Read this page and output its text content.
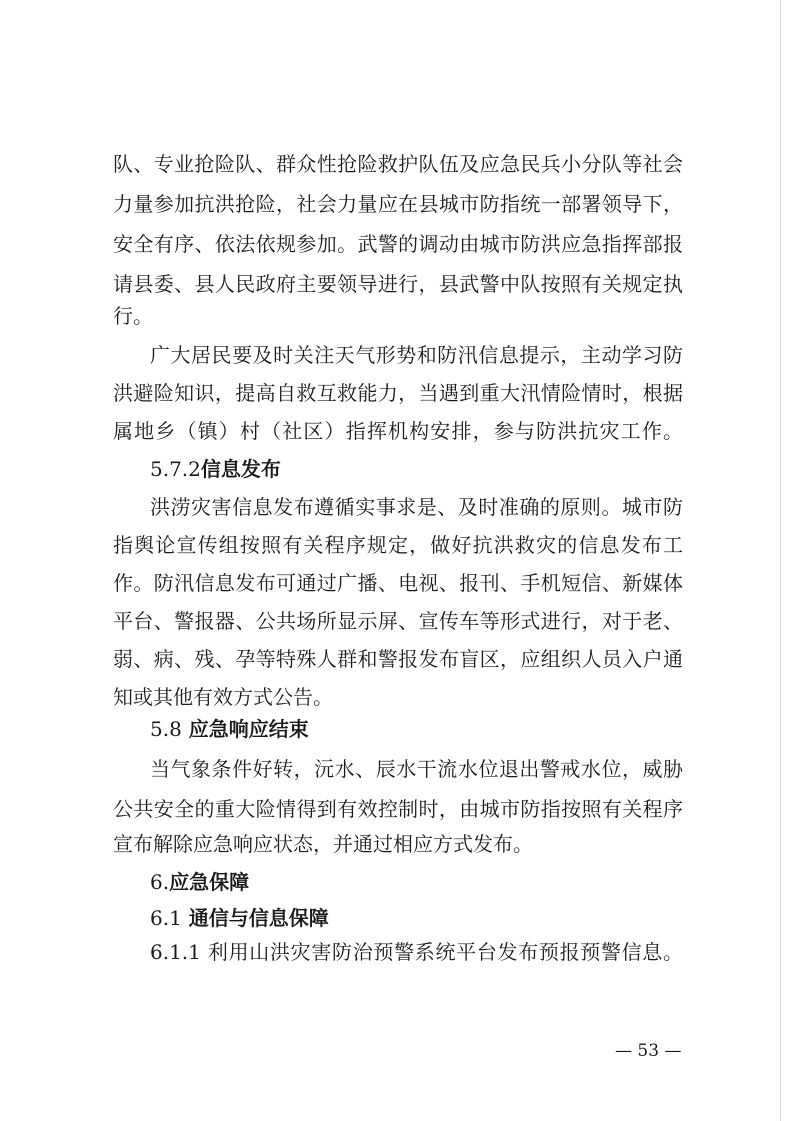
队、专业抢险队、群众性抢险救护队伍及应急民兵小分队等社会
力量参加抗洪抢险，社会力量应在县城市防指统一部署领导下，
安全有序、依法依规参加。武警的调动由城市防洪应急指挥部报
请县委、县人民政府主要领导进行，县武警中队按照有关规定执
行。
广大居民要及时关注天气形势和防汛信息提示，主动学习防
洪避险知识，提高自救互救能力，当遇到重大汛情险情时，根据
属地乡（镇）村（社区）指挥机构安排，参与防洪抗灾工作。
5.7.2信息发布
洪涝灾害信息发布遵循实事求是、及时准确的原则。城市防
指舆论宣传组按照有关程序规定，做好抗洪救灾的信息发布工
作。防汛信息发布可通过广播、电视、报刊、手机短信、新媒体
平台、警报器、公共场所显示屏、宣传车等形式进行，对于老、
弱、病、残、孕等特殊人群和警报发布盲区，应组织人员入户通
知或其他有效方式公告。
5.8 应急响应结束
当气象条件好转，沅水、辰水干流水位退出警戒水位，威胁
公共安全的重大险情得到有效控制时，由城市防指按照有关程序
宣布解除应急响应状态，并通过相应方式发布。
6.应急保障
6.1 通信与信息保障
6.1.1 利用山洪灾害防治预警系统平台发布预报预警信息。
— 53 —
